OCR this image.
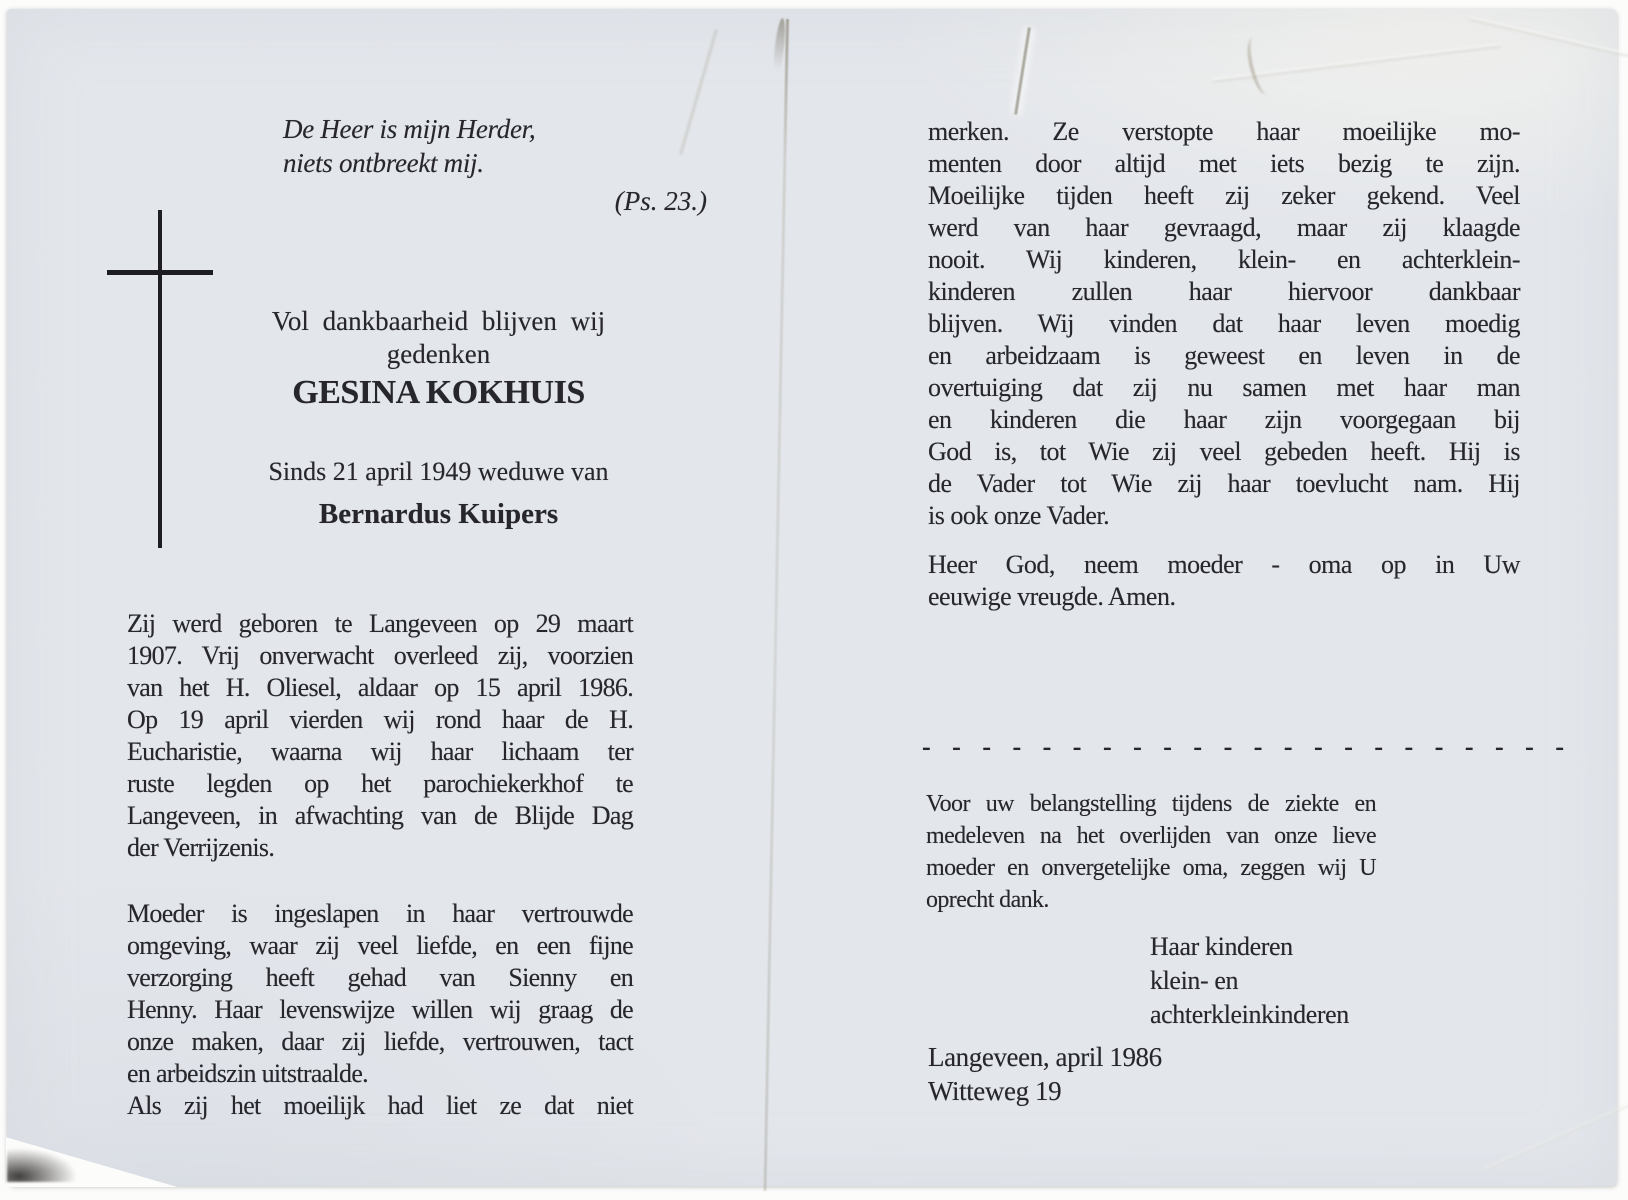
De Heer is mijn Herder,
niets ontbreekt mij.
(Ps. 23.)
Vol dankbaarheid blijven wij
gedenken
GESINA KOKHUIS
Sinds 21 april 1949 weduwe van
Bernardus Kuipers
Zij werd geboren te Langeveen op 29 maart
1907. Vrij onverwacht overleed zij, voorzien
van het H. Oliesel, aldaar op 15 april 1986.
Op 19 april vierden wij rond haar de H.
Eucharistie, waarna wij haar lichaam ter
ruste legden op het parochiekerkhof te
Langeveen, in afwachting van de Blijde Dag
der Verrijzenis.
Moeder is ingeslapen in haar vertrouwde
omgeving, waar zij veel liefde, en een fijne
verzorging heeft gehad van Sienny en
Henny. Haar levenswijze willen wij graag de
onze maken, daar zij liefde, vertrouwen, tact
en arbeidszin uitstraalde.
Als zij het moeilijk had liet ze dat niet
merken. Ze verstopte haar moeilijke mo-
menten door altijd met iets bezig te zijn.
Moeilijke tijden heeft zij zeker gekend. Veel
werd van haar gevraagd, maar zij klaagde
nooit. Wij kinderen, klein- en achterklein-
kinderen zullen haar hiervoor dankbaar
blijven. Wij vinden dat haar leven moedig
en arbeidzaam is geweest en leven in de
overtuiging dat zij nu samen met haar man
en kinderen die haar zijn voorgegaan bij
God is, tot Wie zij veel gebeden heeft. Hij is
de Vader tot Wie zij haar toevlucht nam. Hij
is ook onze Vader.
Heer God, neem moeder - oma op in Uw
eeuwige vreugde. Amen.
- - - - - - - - - - - - - - - - - - - - - -
Voor uw belangstelling tijdens de ziekte en
medeleven na het overlijden van onze lieve
moeder en onvergetelijke oma, zeggen wij U
oprecht dank.
Haar kinderen
klein- en
achterkleinkinderen
Langeveen, april 1986
Witteweg 19
